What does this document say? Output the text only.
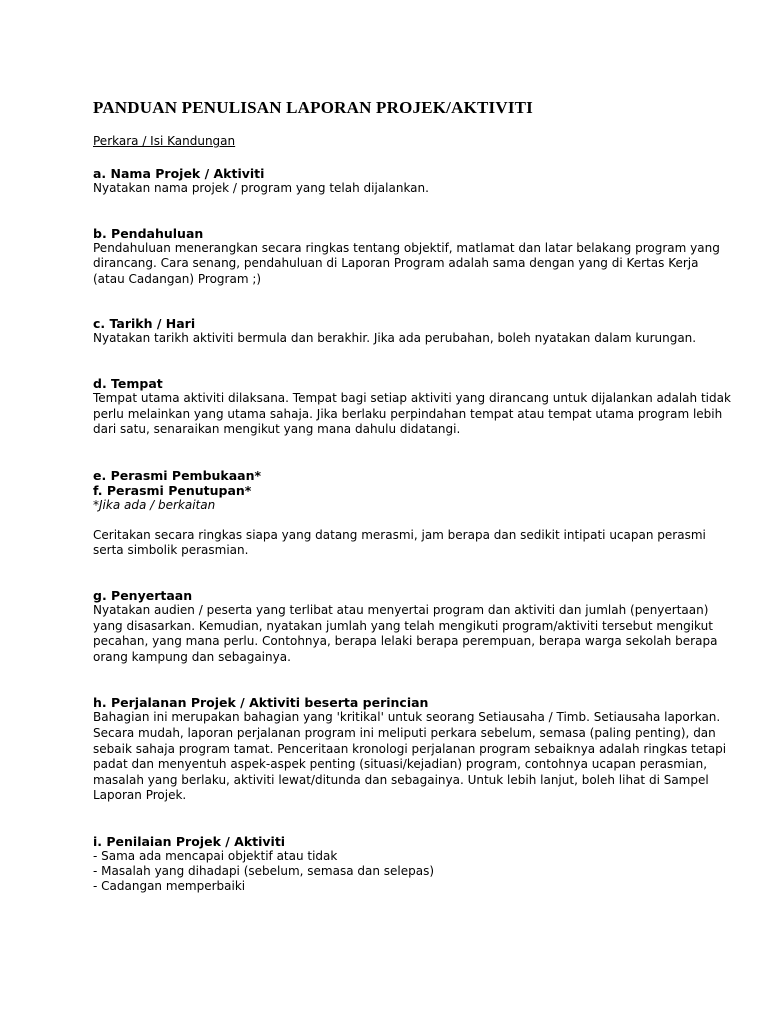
PANDUAN PENULISAN LAPORAN PROJEK/AKTIVITI
Perkara / Isi Kandungan
a. Nama Projek / Aktiviti

Nyatakan nama projek / program yang telah dijalankan.

b. Pendahuluan

Pendahuluan menerangkan secara ringkas tentang objektif, matlamat dan latar belakang program yang dirancang. Cara senang, pendahuluan di Laporan Program adalah sama dengan yang di Kertas Kerja (atau Cadangan) Program ;)

c. Tarikh / Hari

Nyatakan tarikh aktiviti bermula dan berakhir. Jika ada perubahan, boleh nyatakan dalam kurungan.

d. Tempat

Tempat utama aktiviti dilaksana. Tempat bagi setiap aktiviti yang dirancang untuk dijalankan adalah tidak perlu melainkan yang utama sahaja. Jika berlaku perpindahan tempat atau tempat utama program lebih dari satu, senaraikan mengikut yang mana dahulu didatangi.

e. Perasmi Pembukaan*
f. Perasmi Penutupan*
*Jika ada / berkaitan

Ceritakan secara ringkas siapa yang datang merasmi, jam berapa dan sedikit intipati ucapan perasmi serta simbolik perasmian.

g. Penyertaan

Nyatakan audien / peserta yang terlibat atau menyertai program dan aktiviti dan jumlah (penyertaan) yang disasarkan. Kemudian, nyatakan jumlah yang telah mengikuti program/aktiviti tersebut mengikut pecahan, yang mana perlu. Contohnya, berapa lelaki berapa perempuan, berapa warga sekolah berapa orang kampung dan sebagainya.

h. Perjalanan Projek / Aktiviti beserta perincian

Bahagian ini merupakan bahagian yang 'kritikal' untuk seorang Setiausaha / Timb. Setiausaha laporkan. Secara mudah, laporan perjalanan program ini meliputi perkara sebelum, semasa (paling penting), dan sebaik sahaja program tamat. Penceritaan kronologi perjalanan program sebaiknya adalah ringkas tetapi padat dan menyentuh aspek-aspek penting (situasi/kejadian) program, contohnya ucapan perasmian, masalah yang berlaku, aktiviti lewat/ditunda dan sebagainya. Untuk lebih lanjut, boleh lihat di Sampel Laporan Projek.

i. Penilaian Projek / Aktiviti
- Sama ada mencapai objektif atau tidak
- Masalah yang dihadapi (sebelum, semasa dan selepas)
- Cadangan memperbaiki
